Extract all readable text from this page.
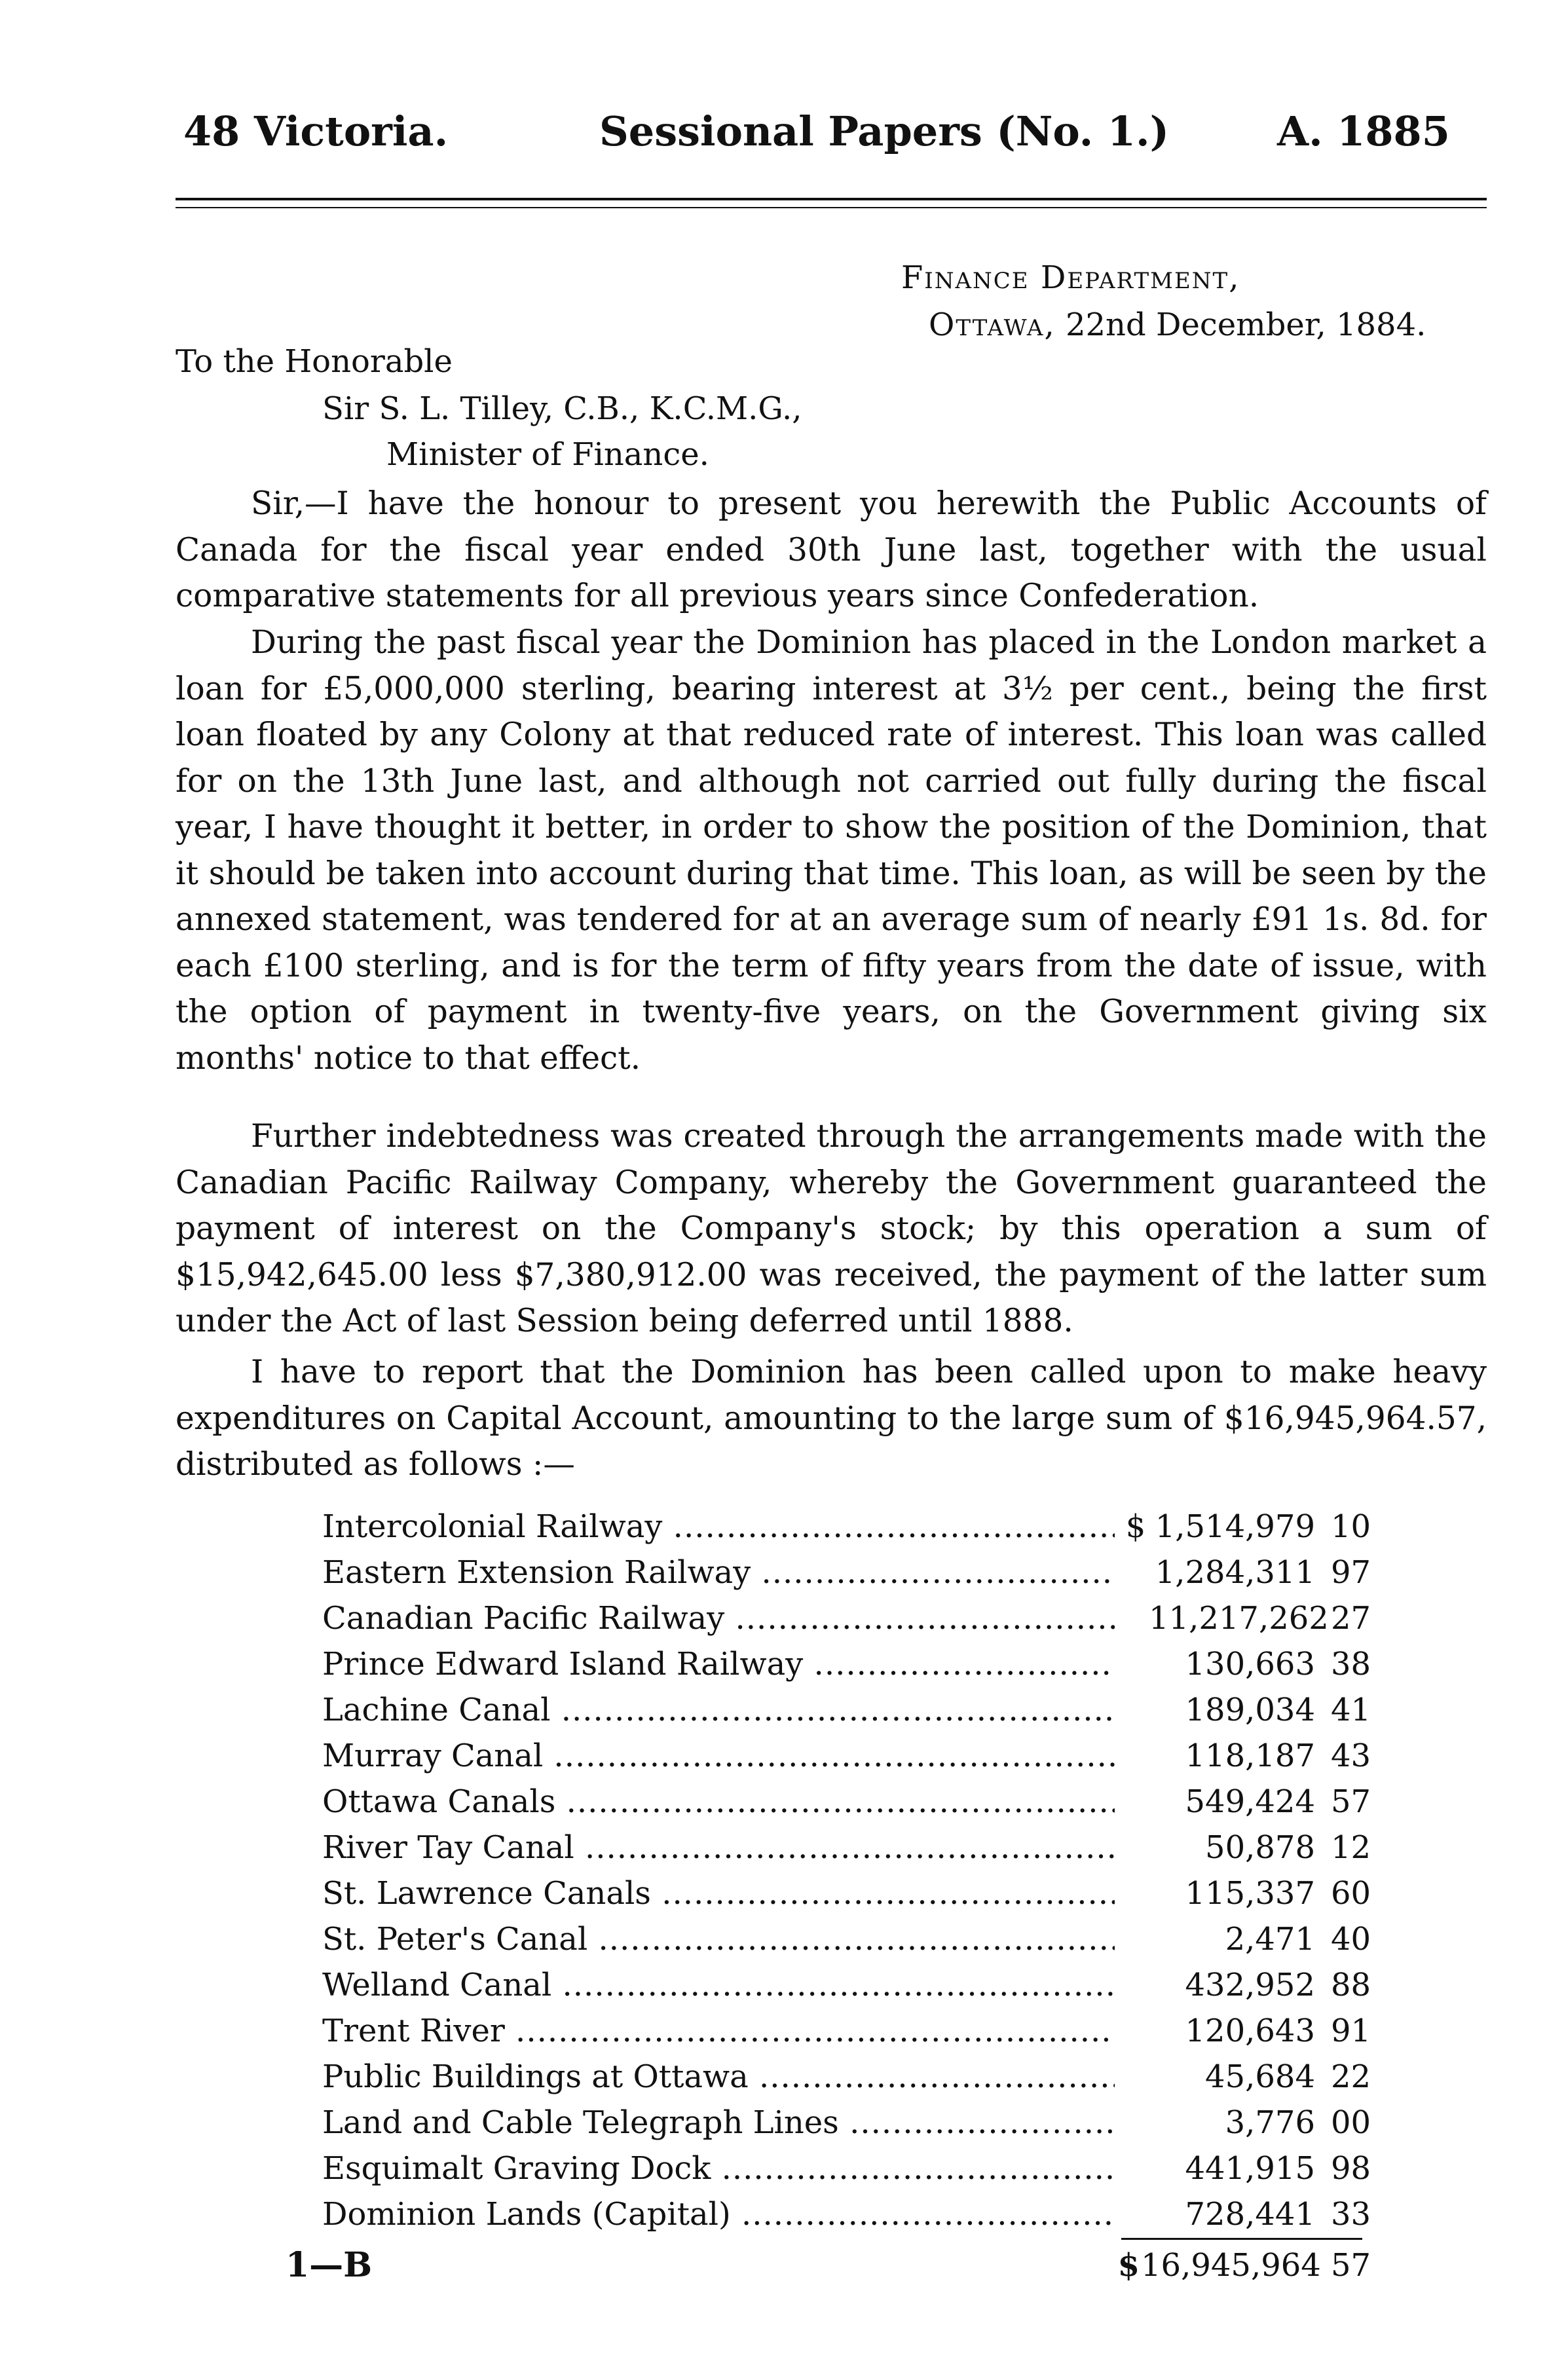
48 Victoria.	Sessional Papers (No. 1.)	A. 1885
Finance Department,
Ottawa, 22nd December, 1884.
To the Honorable
Sir S. L. Tilley, C.B., K.C.M.G.,
Minister of Finance.

Sir,—I have the honour to present you herewith the Public Accounts of Canada for the fiscal year ended 30th June last, together with the usual comparative statements for all previous years since Confederation.

During the past fiscal year the Dominion has placed in the London market a loan for £5,000,000 sterling, bearing interest at 3½ per cent., being the first loan floated by any Colony at that reduced rate of interest. This loan was called for on the 13th June last, and although not carried out fully during the fiscal year, I have thought it better, in order to show the position of the Dominion, that it should be taken into account during that time. This loan, as will be seen by the annexed statement, was tendered for at an average sum of nearly £91 1s. 8d. for each £100 sterling, and is for the term of fifty years from the date of issue, with the option of payment in twenty-five years, on the Government giving six months' notice to that effect.

Further indebtedness was created through the arrangements made with the Canadian Pacific Railway Company, whereby the Government guaranteed the payment of interest on the Company's stock; by this operation a sum of $15,942,645.00 less $7,380,912.00 was received, the payment of the latter sum under the Act of last Session being deferred until 1888.

I have to report that the Dominion has been called upon to make heavy expenditures on Capital Account, amounting to the large sum of $16,945,964.57, distributed as follows :—

Intercolonial Railway .....	$ 1,514,979 10
Eastern Extension Railway .....	1,284,311 97
Canadian Pacific Railway .....	11,217,262 27
Prince Edward Island Railway .....	130,663 38
Lachine Canal .....	189,034 41
Murray Canal .....	118,187 43
Ottawa Canals .....	549,424 57
River Tay Canal .....	50,878 12
St. Lawrence Canals .....	115,337 60
St. Peter's Canal .....	2,471 40
Welland Canal .....	432,952 88
Trent River .....	120,643 91
Public Buildings at Ottawa .....	45,684 22
Land and Cable Telegraph Lines .....	3,776 00
Esquimalt Graving Dock .....	441,915 98
Dominion Lands (Capital) .....	728,441 33
1—B	$ 16,945,964 57
